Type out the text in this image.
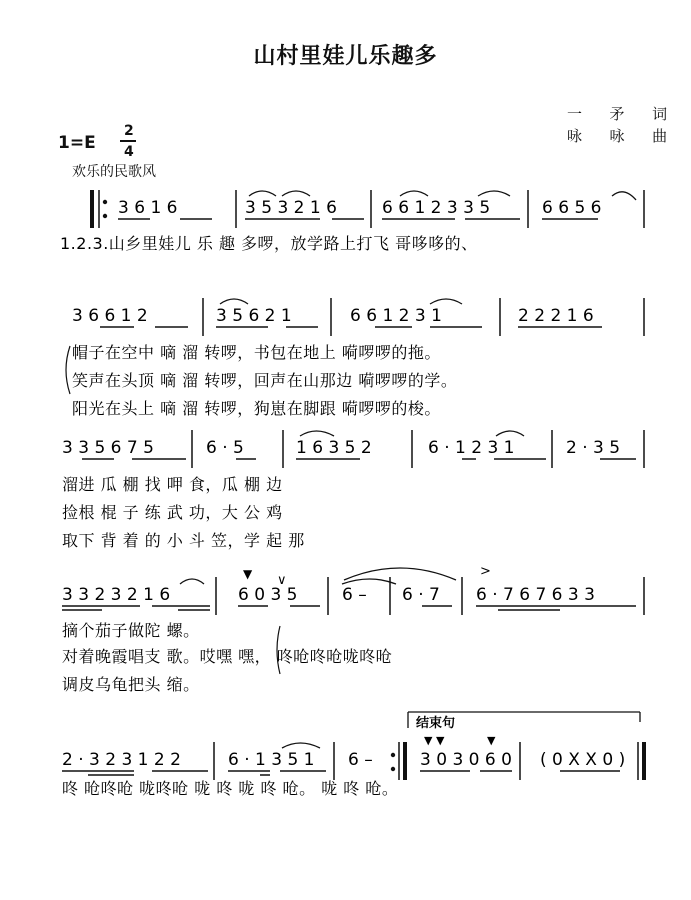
山村里娃儿乐趣多
一  矛  词
咏  咏  曲
1=E
2
4
欢乐的民歌风
3 6 1 6	3 5 3 2 1 6	6 6 1 2 3 3 5	6 6 5 6
1.2.3.山乡里娃儿 乐 趣 多啰，放学路上打飞 哥哆哆的、
3 6 6 1 2	3 5 6 2 1	6 6 1 2 3 1	2 2 2 1 6
帽子在空中 嘀 溜 转啰，书包在地上 嗬啰啰的拖。
笑声在头顶 嘀 溜 转啰，回声在山那边 嗬啰啰的学。
阳光在头上 嘀 溜 转啰，狗崽在脚跟 嗬啰啰的梭。
3 3 5 6 7 5	6 · 5	1 6 3 5 2	6 · 1 2 3 1	2 · 3 5
溜进 瓜 棚 找 呷 食，瓜 棚 边
捡根 棍 子 练 武 功，大 公 鸡
取下 背 着 的 小 斗 笠，学 起 那
3 3 2 3 2 1 6	6 0 3 5	6 – 6 · 7 6 · 7 6 7 6 3 3
>
▼ ∨
摘个茄子做陀 螺。
对着晚霞唱支 歌。哎嘿 嘿， 咚呛咚呛咙咚呛
调皮乌龟把头 缩。
结束句
2 · 3 2 3 1 2 2	6 · 1 3 5 1 6 –	3 0 3 0 6 0 ( 0 X X 0 )
▼ ▼	▼
咚 呛咚呛 咙咚呛 咙 咚 咙 咚 呛。 咙 咚 呛。
